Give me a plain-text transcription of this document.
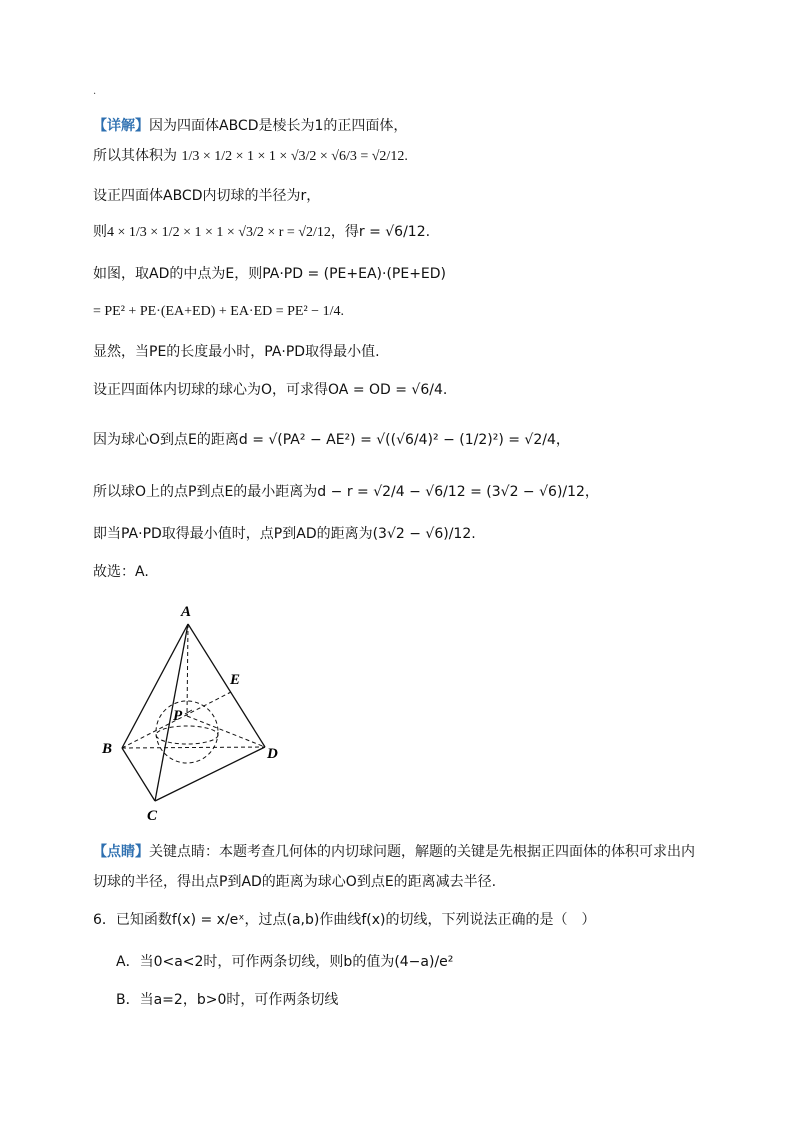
.
【详解】因为四面体ABCD是棱长为1的正四面体，
所以其体积为 1/3 × 1/2 × 1 × 1 × √3/2 × √6/3 = √2/12.
设正四面体ABCD内切球的半径为r，
则4 × 1/3 × 1/2 × 1 × 1 × √3/2 × r = √2/12，得r = √6/12.
如图，取AD的中点为E，则PA·PD = (PE+EA)·(PE+ED)
= PE² + PE·(EA+ED) + EA·ED = PE² − 1/4.
显然，当PE的长度最小时，PA·PD取得最小值.
设正四面体内切球的球心为O，可求得OA = OD = √6/4.
因为球心O到点E的距离d = √(PA² − AE²) = √((√6/4)² − (1/2)²) = √2/4，
所以球O上的点P到点E的最小距离为d − r = √2/4 − √6/12 = (3√2 − √6)/12，
即当PA·PD取得最小值时，点P到AD的距离为(3√2 − √6)/12.
故选：A.
A
B
C
D
E
P
【点睛】关键点睛：本题考查几何体的内切球问题，解题的关键是先根据正四面体的体积可求出内
切球的半径，得出点P到AD的距离为球心O到点E的距离减去半径.
6．已知函数f(x) = x/eˣ，过点(a,b)作曲线f(x)的切线，下列说法正确的是（　）
A．当0<a<2时，可作两条切线，则b的值为(4−a)/e²
B．当a=2，b>0时，可作两条切线
